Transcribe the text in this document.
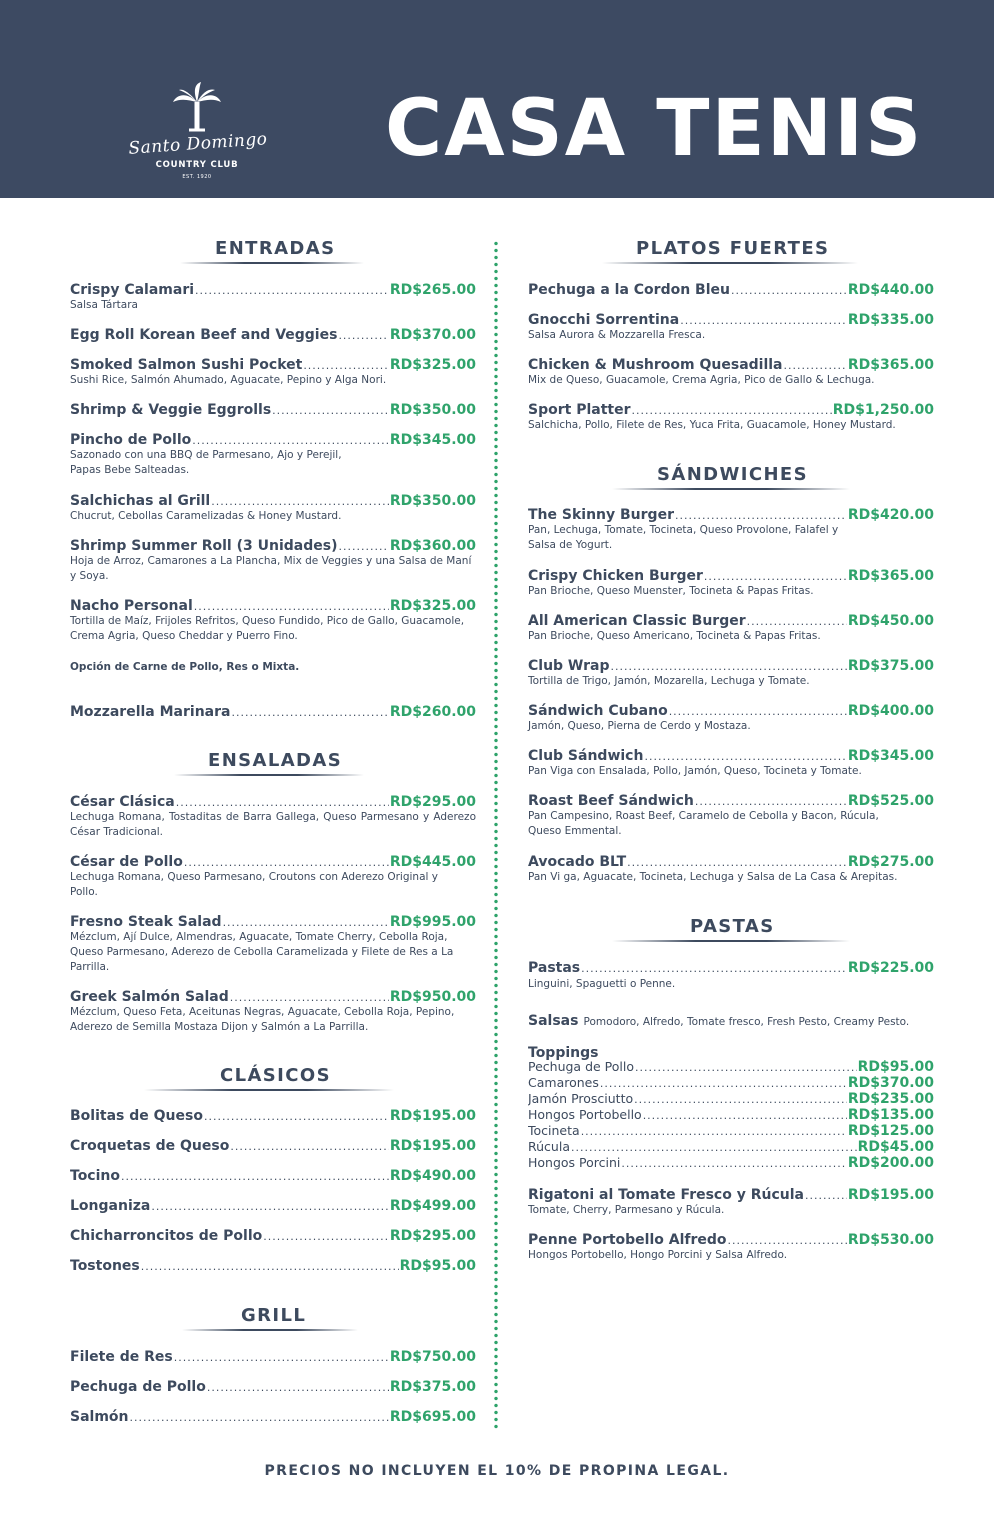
Santo Domingo
COUNTRY CLUB
EST. 1920
CASA TENIS
ENTRADAS
Crispy Calamari .....	RD$265.00
Salsa Tártara
Egg Roll Korean Beef and Veggies .....	RD$370.00
Smoked Salmon Sushi Pocket .....	RD$325.00
Sushi Rice, Salmón Ahumado, Aguacate, Pepino y Alga Nori.
Shrimp & Veggie Eggrolls .....	RD$350.00
Pincho de Pollo .....	RD$345.00
Sazonado con una BBQ de Parmesano, Ajo y Perejil, Papas Bebe Salteadas.
Salchichas al Grill .....	RD$350.00
Chucrut, Cebollas Caramelizadas & Honey Mustard.
Shrimp Summer Roll (3 Unidades) .....	RD$360.00
Hoja de Arroz, Camarones a La Plancha, Mix de Veggies y una Salsa de Maní y Soya.
Nacho Personal .....	RD$325.00
Tortilla de Maíz, Frijoles Refritos, Queso Fundido, Pico de Gallo, Guacamole, Crema Agria, Queso Cheddar y Puerro Fino.
Opción de Carne de Pollo, Res o Mixta.
Mozzarella Marinara .....	RD$260.00
ENSALADAS
César Clásica .....	RD$295.00
Lechuga Romana, Tostaditas de Barra Gallega, Queso Parmesano y Aderezo César Tradicional.
César de Pollo .....	RD$445.00
Lechuga Romana, Queso Parmesano, Croutons con Aderezo Original y Pollo.
Fresno Steak Salad .....	RD$995.00
Mézclum, Ají Dulce, Almendras, Aguacate, Tomate Cherry, Cebolla Roja, Queso Parmesano, Aderezo de Cebolla Caramelizada y Filete de Res a La Parrilla.
Greek Salmón Salad .....	RD$950.00
Mézclum, Queso Feta, Aceitunas Negras, Aguacate, Cebolla Roja, Pepino, Aderezo de Semilla Mostaza Dijon y Salmón a La Parrilla.
CLÁSICOS
Bolitas de Queso .....	RD$195.00
Croquetas de Queso .....	RD$195.00
Tocino .....	RD$490.00
Longaniza .....	RD$499.00
Chicharroncitos de Pollo .....	RD$295.00
Tostones .....	RD$95.00
GRILL
Filete de Res .....	RD$750.00
Pechuga de Pollo .....	RD$375.00
Salmón .....	RD$695.00
PLATOS FUERTES
Pechuga a la Cordon Bleu .....	RD$440.00
Gnocchi Sorrentina .....	RD$335.00
Salsa Aurora & Mozzarella Fresca.
Chicken & Mushroom Quesadilla .....	RD$365.00
Mix de Queso, Guacamole, Crema Agria, Pico de Gallo & Lechuga.
Sport Platter .....	RD$1,250.00
Salchicha, Pollo, Filete de Res, Yuca Frita, Guacamole, Honey Mustard.
SÁNDWICHES
The Skinny Burger .....	RD$420.00
Pan, Lechuga, Tomate, Tocineta, Queso Provolone, Falafel y Salsa de Yogurt.
Crispy Chicken Burger .....	RD$365.00
Pan Brioche, Queso Muenster, Tocineta & Papas Fritas.
All American Classic Burger .....	RD$450.00
Pan Brioche, Queso Americano, Tocineta & Papas Fritas.
Club Wrap .....	RD$375.00
Tortilla de Trigo, Jamón, Mozarella, Lechuga y Tomate.
Sándwich Cubano .....	RD$400.00
Jamón, Queso, Pierna de Cerdo y Mostaza.
Club Sándwich .....	RD$345.00
Pan Viga con Ensalada, Pollo, Jamón, Queso, Tocineta y Tomate.
Roast Beef Sándwich .....	RD$525.00
Pan Campesino, Roast Beef, Caramelo de Cebolla y Bacon, Rúcula, Queso Emmental.
Avocado BLT .....	RD$275.00
Pan Vi ga, Aguacate, Tocineta, Lechuga y Salsa de La Casa & Arepitas.
PASTAS
Pastas .....	RD$225.00
Linguini, Spaguetti o Penne.
Salsas Pomodoro, Alfredo, Tomate fresco, Fresh Pesto, Creamy Pesto.
Toppings
Pechuga de Pollo .....	RD$95.00
Camarones .....	RD$370.00
Jamón Prosciutto .....	RD$235.00
Hongos Portobello .....	RD$135.00
Tocineta .....	RD$125.00
Rúcula .....	RD$45.00
Hongos Porcini .....	RD$200.00
Rigatoni al Tomate Fresco y Rúcula .....	RD$195.00
Tomate, Cherry, Parmesano y Rúcula.
Penne Portobello Alfredo .....	RD$530.00
Hongos Portobello, Hongo Porcini y Salsa Alfredo.
PRECIOS NO INCLUYEN EL 10% DE PROPINA LEGAL.
